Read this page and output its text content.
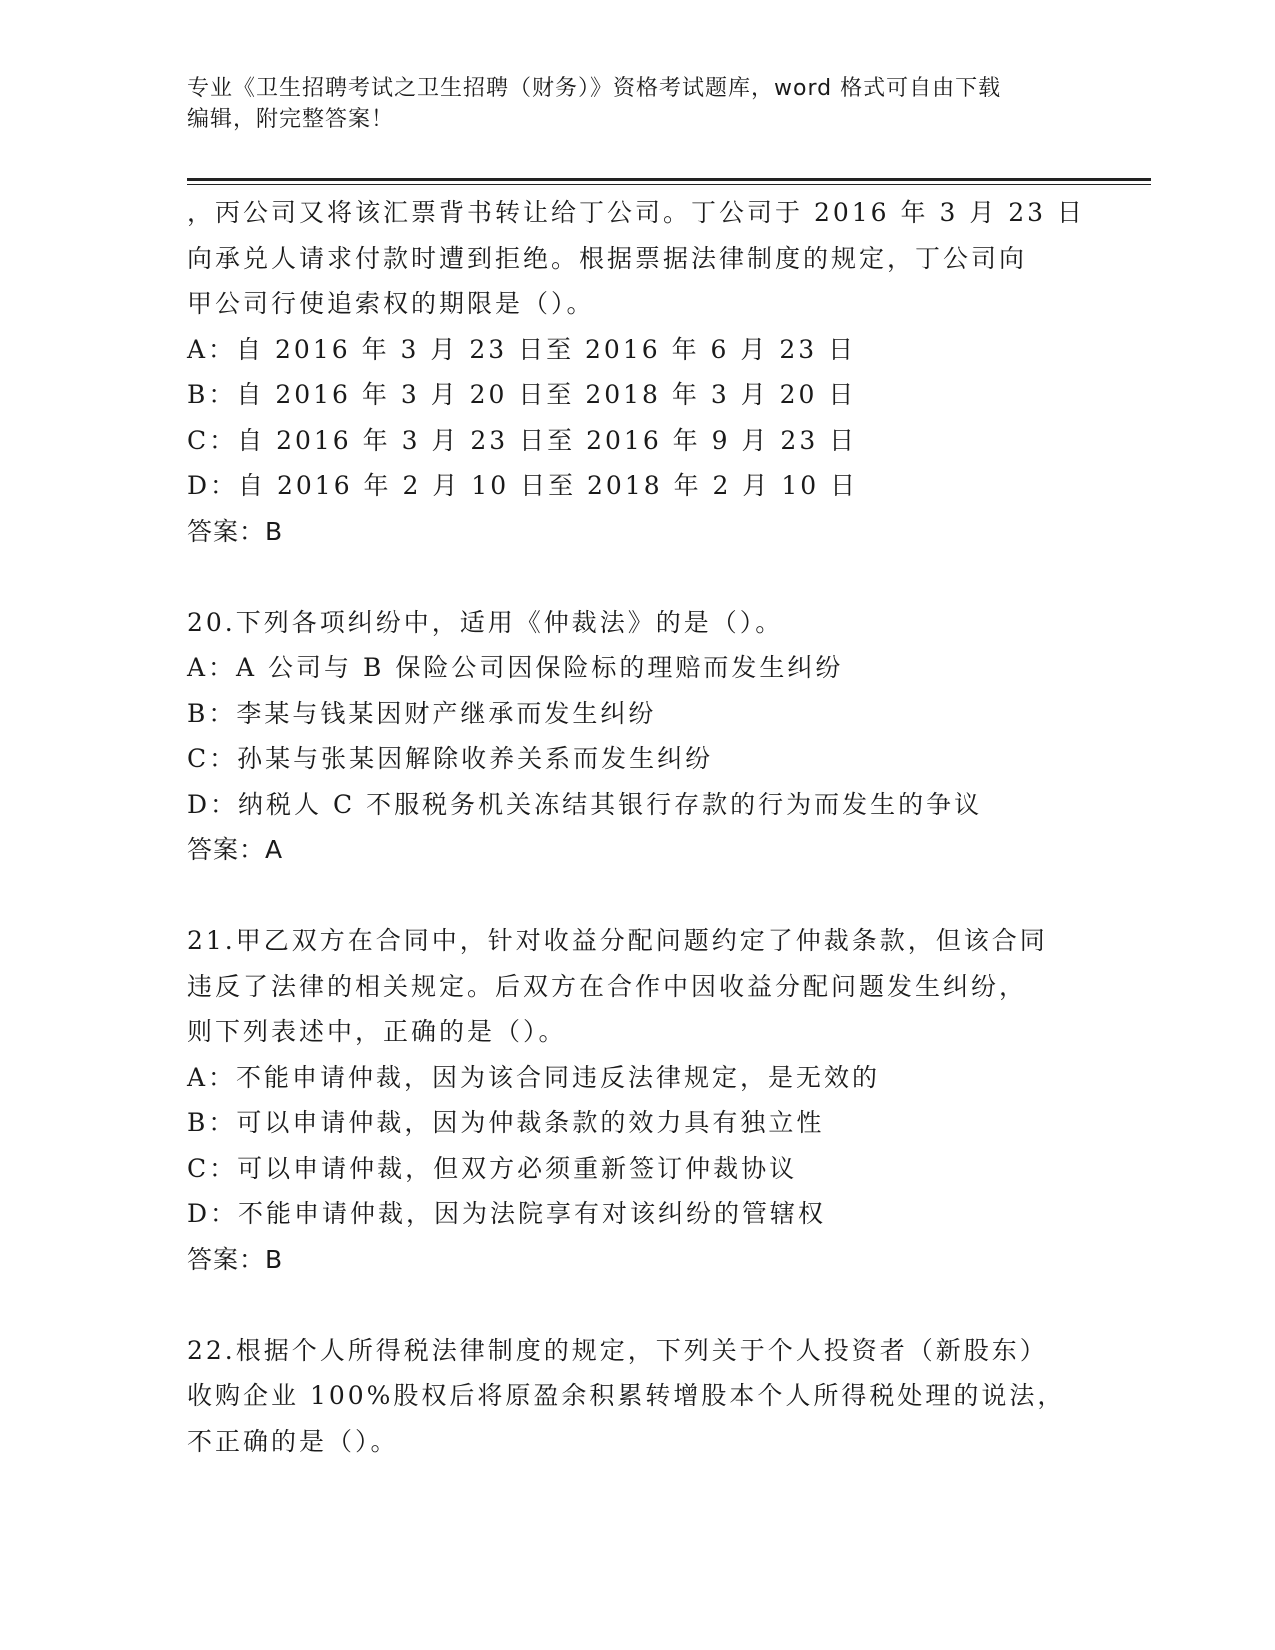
专业《卫生招聘考试之卫生招聘（财务）》资格考试题库，word 格式可自由下载
编辑，附完整答案！
，丙公司又将该汇票背书转让给丁公司。丁公司于 2016 年 3 月 23 日
向承兑人请求付款时遭到拒绝。根据票据法律制度的规定，丁公司向
甲公司行使追索权的期限是（）。
A：自 2016 年 3 月 23 日至 2016 年 6 月 23 日
B：自 2016 年 3 月 20 日至 2018 年 3 月 20 日
C：自 2016 年 3 月 23 日至 2016 年 9 月 23 日
D：自 2016 年 2 月 10 日至 2018 年 2 月 10 日
答案：B
20.下列各项纠纷中，适用《仲裁法》的是（）。
A：A 公司与 B 保险公司因保险标的理赔而发生纠纷
B：李某与钱某因财产继承而发生纠纷
C：孙某与张某因解除收养关系而发生纠纷
D：纳税人 C 不服税务机关冻结其银行存款的行为而发生的争议
答案：A
21.甲乙双方在合同中，针对收益分配问题约定了仲裁条款，但该合同
违反了法律的相关规定。后双方在合作中因收益分配问题发生纠纷，
则下列表述中，正确的是（）。
A：不能申请仲裁，因为该合同违反法律规定，是无效的
B：可以申请仲裁，因为仲裁条款的效力具有独立性
C：可以申请仲裁，但双方必须重新签订仲裁协议
D：不能申请仲裁，因为法院享有对该纠纷的管辖权
答案：B
22.根据个人所得税法律制度的规定，下列关于个人投资者（新股东）
收购企业 100%股权后将原盈余积累转增股本个人所得税处理的说法，
不正确的是（）。
